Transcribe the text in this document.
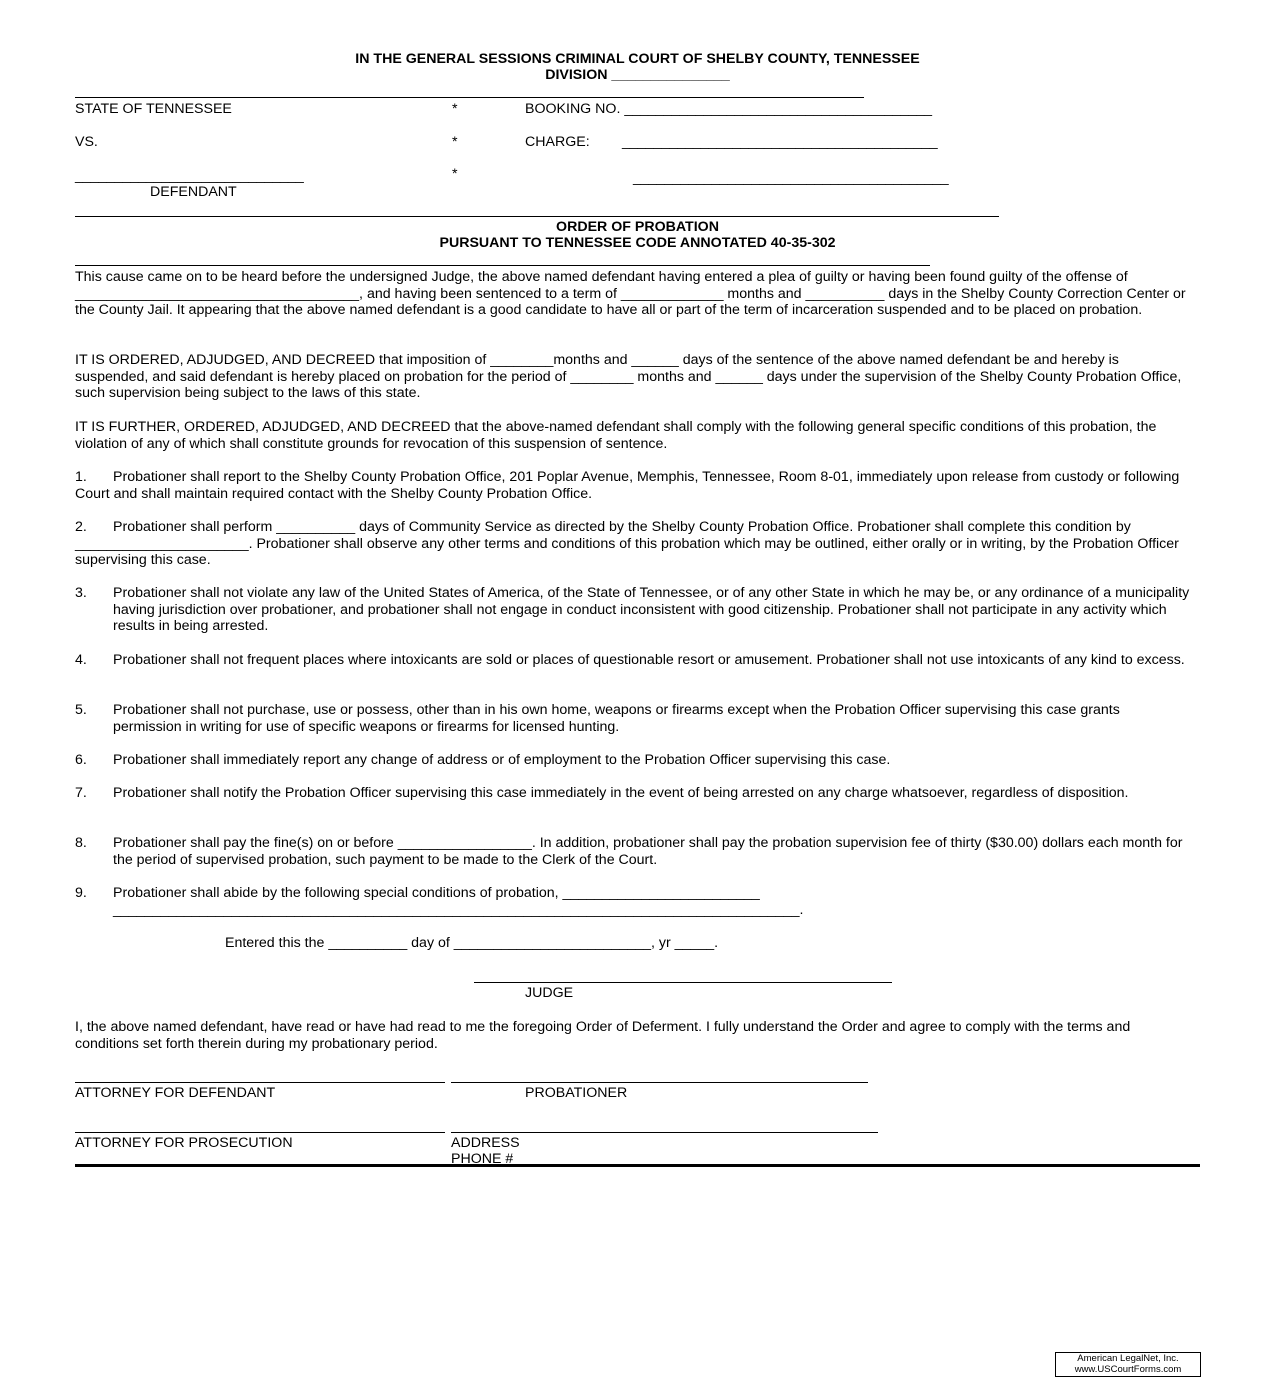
IN THE GENERAL SESSIONS CRIMINAL COURT OF SHELBY COUNTY, TENNESSEE
DIVISION _______________
STATE OF TENNESSEE	*	BOOKING NO. _______________________________________
VS.	*	CHARGE: ________________________________________
_____________________________	*	________________________________________
DEFENDANT
ORDER OF PROBATION
PURSUANT TO TENNESSEE CODE ANNOTATED 40-35-302
This cause came on to be heard before the undersigned Judge, the above named defendant having entered a plea of guilty or having been found guilty of the offense of ____________________________________, and having been sentenced to a term of _____________ months and __________ days in the Shelby County Correction Center or the County Jail. It appearing that the above named defendant is a good candidate to have all or part of the term of incarceration suspended and to be placed on probation.
IT IS ORDERED, ADJUDGED, AND DECREED that imposition of ________months and ______ days of the sentence of the above named defendant be and hereby is suspended, and said defendant is hereby placed on probation for the period of ________ months and ______ days under the supervision of the Shelby County Probation Office, such supervision being subject to the laws of this state.
IT IS FURTHER, ORDERED, ADJUDGED, AND DECREED that the above-named defendant shall comply with the following general specific conditions of this probation, the violation of any of which shall constitute grounds for revocation of this suspension of sentence.
1.	Probationer shall report to the Shelby County Probation Office, 201 Poplar Avenue, Memphis, Tennessee, Room 8-01, immediately upon release from custody or following Court and shall maintain required contact with the Shelby County Probation Office.
2.	Probationer shall perform __________ days of Community Service as directed by the Shelby County Probation Office. Probationer shall complete this condition by ______________________. Probationer shall observe any other terms and conditions of this probation which may be outlined, either orally or in writing, by the Probation Officer supervising this case.
3. Probationer shall not violate any law of the United States of America, of the State of Tennessee, or of any other State in which he may be, or any ordinance of a municipality having jurisdiction over probationer, and probationer shall not engage in conduct inconsistent with good citizenship. Probationer shall not participate in any activity which results in being arrested.
4. Probationer shall not frequent places where intoxicants are sold or places of questionable resort or amusement. Probationer shall not use intoxicants of any kind to excess.
5. Probationer shall not purchase, use or possess, other than in his own home, weapons or firearms except when the Probation Officer supervising this case grants permission in writing for use of specific weapons or firearms for licensed hunting.
6. Probationer shall immediately report any change of address or of employment to the Probation Officer supervising this case.
7. Probationer shall notify the Probation Officer supervising this case immediately in the event of being arrested on any charge whatsoever, regardless of disposition.
8. Probationer shall pay the fine(s) on or before _________________. In addition, probationer shall pay the probation supervision fee of thirty ($30.00) dollars each month for the period of supervised probation, such payment to be made to the Clerk of the Court.
9. Probationer shall abide by the following special conditions of probation, _________________________
_______________________________________________________________________________________.
Entered this the __________ day of _________________________, yr _____.
JUDGE
I, the above named defendant, have read or have had read to me the foregoing Order of Deferment. I fully understand the Order and agree to comply with the terms and conditions set forth therein during my probationary period.
ATTORNEY FOR DEFENDANT	PROBATIONER
ATTORNEY FOR PROSECUTION	ADDRESS
PHONE #
American LegalNet, Inc.
www.USCourtForms.com
